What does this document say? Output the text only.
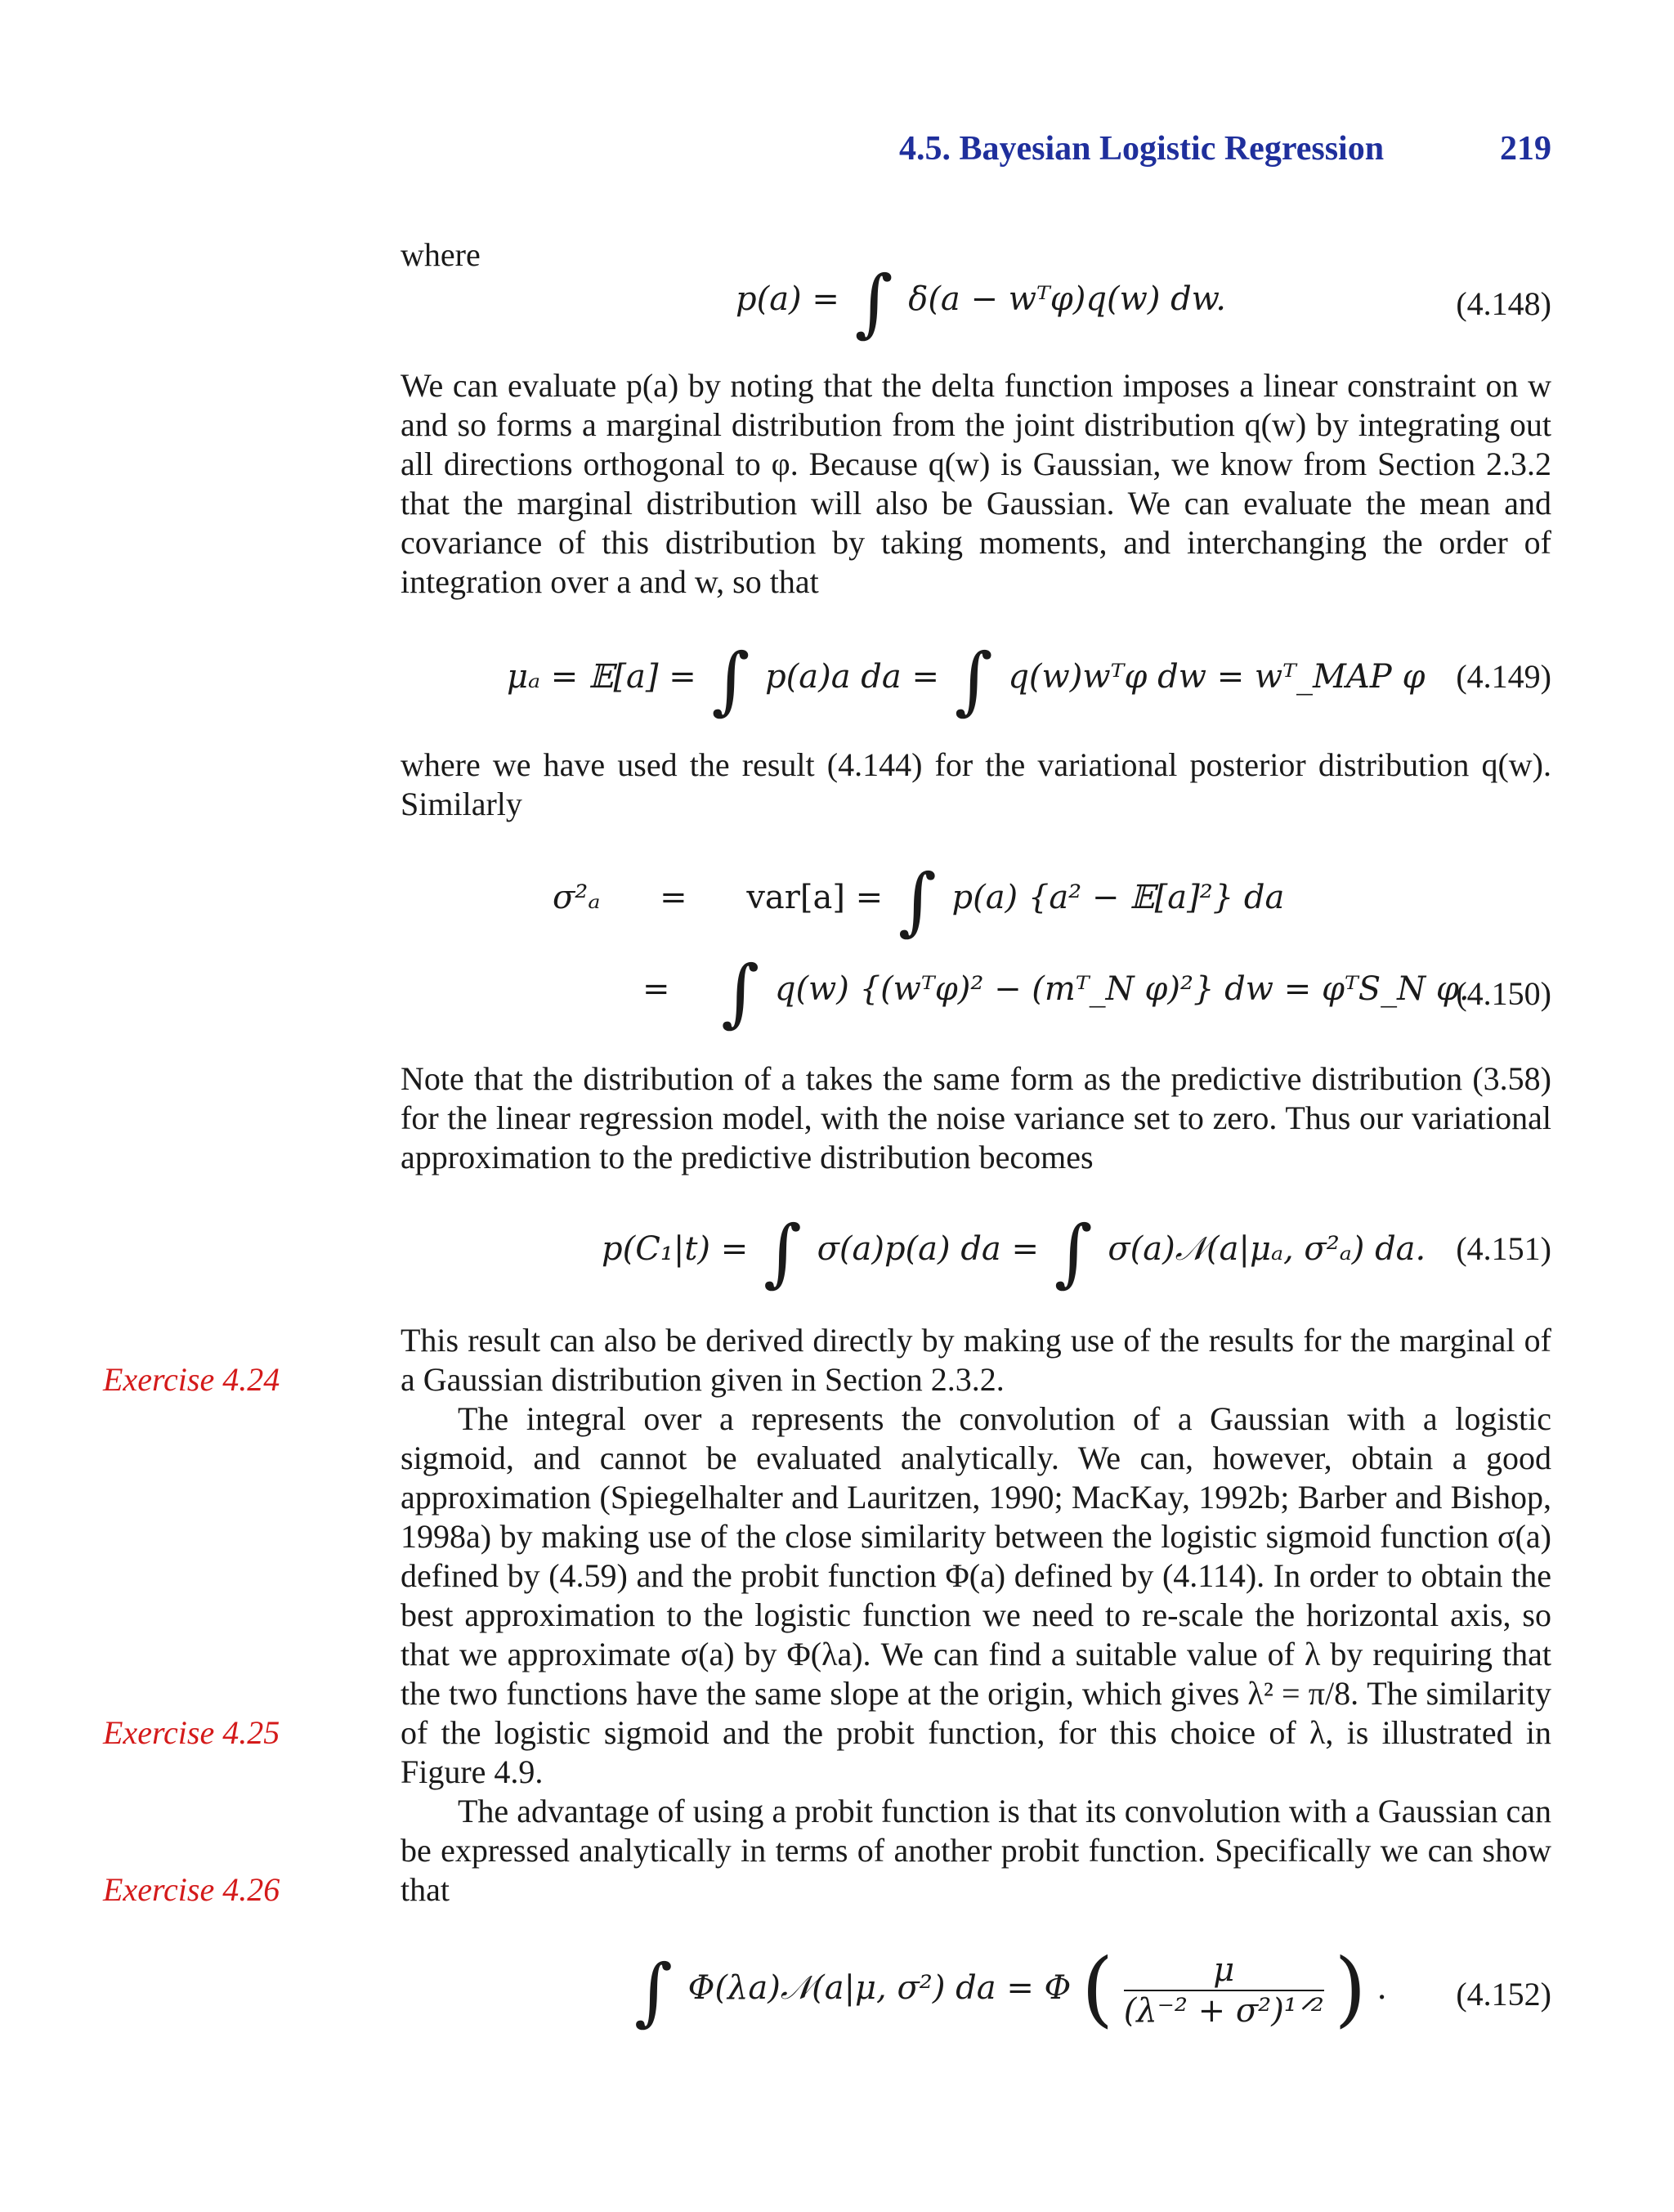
4.5. Bayesian Logistic Regression	219
where
p(a) = ∫ δ(a − wᵀφ)q(w) dw.	(4.148)
We can evaluate p(a) by noting that the delta function imposes a linear constraint on w and so forms a marginal distribution from the joint distribution q(w) by integrating out all directions orthogonal to φ. Because q(w) is Gaussian, we know from Section 2.3.2 that the marginal distribution will also be Gaussian. We can evaluate the mean and covariance of this distribution by taking moments, and interchanging the order of integration over a and w, so that
μₐ = 𝔼[a] = ∫ p(a)a da = ∫ q(w)wᵀφ dw = wᵀ_MAP φ (4.149)
where we have used the result (4.144) for the variational posterior distribution q(w). Similarly
σ²ₐ = var[a] = ∫ p(a) {a² − 𝔼[a]²} da
= ∫ q(w) {(wᵀφ)² − (mᵀ_N φ)²} dw = φᵀS_N φ.
(4.150)
Note that the distribution of a takes the same form as the predictive distribution (3.58) for the linear regression model, with the noise variance set to zero. Thus our variational approximation to the predictive distribution becomes
p(C₁|t) = ∫ σ(a)p(a) da = ∫ σ(a)𝒩(a|μₐ, σ²ₐ) da. (4.151)
This result can also be derived directly by making use of the results for the marginal of a Gaussian distribution given in Section 2.3.2.
The integral over a represents the convolution of a Gaussian with a logistic sigmoid, and cannot be evaluated analytically. We can, however, obtain a good approximation (Spiegelhalter and Lauritzen, 1990; MacKay, 1992b; Barber and Bishop, 1998a) by making use of the close similarity between the logistic sigmoid function σ(a) defined by (4.59) and the probit function Φ(a) defined by (4.114). In order to obtain the best approximation to the logistic function we need to re-scale the horizontal axis, so that we approximate σ(a) by Φ(λa). We can find a suitable value of λ by requiring that the two functions have the same slope at the origin, which gives λ² = π/8. The similarity of the logistic sigmoid and the probit function, for this choice of λ, is illustrated in Figure 4.9.
The advantage of using a probit function is that its convolution with a Gaussian can be expressed analytically in terms of another probit function. Specifically we can show that
∫ Φ(λa)𝒩(a|μ, σ²) da = Φ ( $\frac{\mu}{\text{(λ⁻² + σ²)¹ᐟ²}}$ ) . (4.152)
Exercise 4.24
Exercise 4.25
Exercise 4.26
